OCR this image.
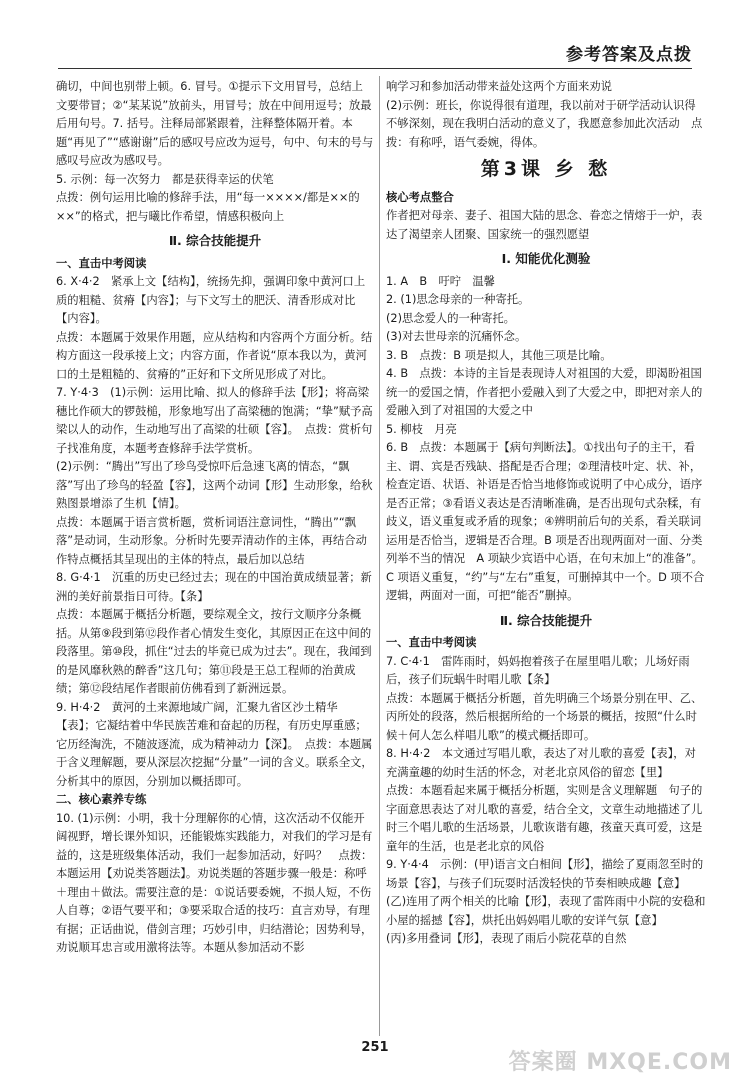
参考答案及点拨
确切，中间也别带上顿。6. 冒号。①提示下文用冒号，总结上文要带冒；②“某某说”放前头，用冒号；放在中间用逗号；放最后用句号。7. 括号。注释局部紧跟着，注释整体隔开着。本题“再见了”“感谢谢”后的感叹号应改为逗号，句中、句末的号与感叹号应改为感叹号。
5. 示例：每一次努力　都是获得幸运的伏笔
点拨：例句运用比喻的修辞手法，用“每一××××/都是××的××”的格式，把与曦比作希望，情感积极向上
Ⅱ. 综合技能提升
一、直击中考阅读
6. X·4·2　紧承上文【结构】，统扬先抑，强调印象中黄河口上质的粗糙、贫瘠【内容】；与下文写土的肥沃、清香形成对比【内容】。
点拨：本题属于效果作用题，应从结构和内容两个方面分析。结构方面这一段承接上文；内容方面，作者说“原本我以为，黄河口的土是粗糙的、贫瘠的”正好和下文所见形成了对比。
7. Y·4·3　(1)示例：运用比喻、拟人的修辞手法【形】；将高梁穗比作硕大的锣鼓槌，形象地写出了高梁穗的饱满；“挚”赋予高梁以人的动作，生动地写出了高梁的壮硕【容】。　点拨：赏析句子找准角度，本题考查修辞手法学赏析。
(2)示例：“腾出”写出了珍鸟受惊吓后急速飞离的情态，“飘落”写出了珍鸟的轻盈【容】，这两个动词【形】生动形象，给秋熟图景增添了生机【情】。
点拨：本题属于语言赏析题，赏析词语注意词性，“腾出”“飘落”是动词，生动形象。分析时先要弄清动作的主体，再结合动作特点概括其呈现出的主体的特点，最后加以总结
8. G·4·1　沉重的历史已经过去；现在的中国治黄成绩显著；新洲的美好前景指日可待。【条】
点拨：本题属于概括分析题，要综观全文，按行文顺序分条概括。从第⑨段到第⑫段作者心情发生变化，其原因正在这中间的段落里。第⑩段，抓住“过去的毕竟已成为过去”。现在，我闻到的是风靡秋熟的醉香”这几句；第⑪段是王总工程师的治黄成绩；第⑫段结尾作者眼前仿佛看到了新洲远景。
9. H·4·2　黄河的土来源地域广阔，汇聚九省区沙土精华【表】；它凝结着中华民族苦难和奋起的历程，有历史厚重感；它历经淘洗，不随波逐流，成为精神动力【深】。　点拨：本题属于含义理解题，要从深层次挖掘“分量”一词的含义。联系全文，分析其中的原因，分别加以概括即可。
二、核心素养专练
10. (1)示例：小明，我十分理解你的心情，这次活动不仅能开阔视野，增长课外知识，还能锻炼实践能力，对我们的学习是有益的，这是班级集体活动，我们一起参加活动，好吗？　点拨：本题运用【劝说类答题法】。劝说类题的答题步骤一般是：称呼＋理由＋做法。需要注意的是：①说话要委婉，不损人短，不伤人自尊；②语气要平和；③要采取合适的技巧：直言劝导，有理有据；正话曲说，借剑言理；巧妙引申，归结潜论；因势利导，劝说顺耳忠言或用激将法等。本题从参加活动不影
响学习和参加活动带来益处这两个方面来劝说
(2)示例：班长，你说得很有道理，我以前对于研学活动认识得不够深刻，现在我明白活动的意义了，我愿意参加此次活动　点拨：有称呼，语气委婉，得体。
第3课 乡 愁
核心考点整合
作者把对母亲、妻子、祖国大陆的思念、眷恋之情熔于一炉，表达了渴望亲人团聚、国家统一的强烈愿望
Ⅰ. 知能优化测验
1. A　B　吁咛　温馨
2. (1)思念母亲的一种寄托。
(2)思念爱人的一种寄托。
(3)对去世母亲的沉痛怀念。
3. B　点拨：B 项是拟人，其他三项是比喻。
4. B　点拨：本诗的主旨是表现诗人对祖国的大爱，即渴盼祖国统一的爱国之情，作者把小爱融入到了大爱之中，即把对亲人的爱融入到了对祖国的大爱之中
5. 柳枝　月亮
6. B　点拨：本题属于【病句判断法】。①找出句子的主干，看主、谓、宾是否残缺、搭配是否合理；②理清枝叶定、状、补，检查定语、状语、补语是否恰当地修饰或说明了中心成分，语序是否正常；③看语义表达是否清晰准确，是否出现句式杂糅，有歧义，语义重复或矛盾的现象；④辨明前后句的关系，看关联词运用是否恰当，逻辑是否合理。B 项是否出现两面对一面、分类列举不当的情况　A 项缺少宾语中心语，在句末加上“的准备”。C 项语义重复，“约”与“左右”重复，可删掉其中一个。D 项不合逻辑，两面对一面，可把“能否”删掉。
Ⅱ. 综合技能提升
一、直击中考阅读
7. C·4·1　雷阵雨时，妈妈抱着孩子在屋里唱儿歌；儿场好雨后，孩子们玩蜗牛时唱儿歌【条】
点拨：本题属于概括分析题，首先明确三个场景分别在甲、乙、丙所处的段落，然后根据所给的一个场景的概括，按照“什么时候＋何人怎么样唱儿歌”的模式概括即可。
8. H·4·2　本文通过写唱儿歌，表达了对儿歌的喜爱【表】，对充满童趣的幼时生活的怀念，对老北京风俗的留恋【里】
点拨：本题看起来属于概括分析题，实则是含义理解题　句子的字面意思表达了对儿歌的喜爱，结合全文，文章生动地描述了儿时三个唱儿歌的生活场景，儿歌诙谐有趣，孩童天真可爱，这是童年的生活，也是老北京的风俗
9. Y·4·4　示例：(甲)语言文白相间【形】，描绘了夏雨忽至时的场景【容】，与孩子们玩耍时活泼轻快的节奏相映成趣【意】
(乙)连用了两个相关的比喻【形】，表现了雷阵雨中小院的安稳和小屋的摇撼【容】，烘托出妈妈唱儿歌的安详气氛【意】
(丙)多用叠词【形】，表现了雨后小院花草的自然
251
答案圈 MXQE.COM
